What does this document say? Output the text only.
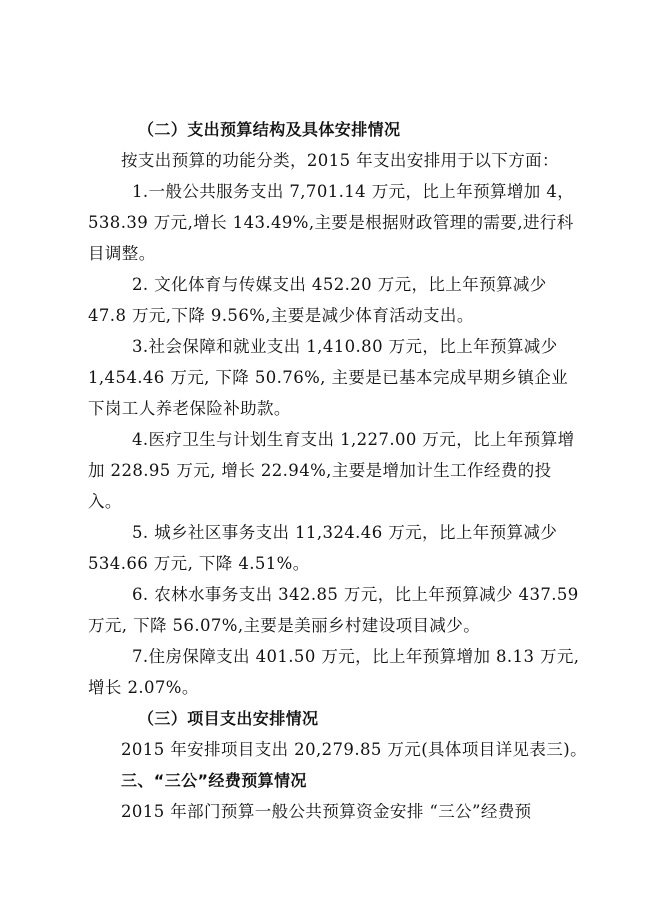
（二）支出预算结构及具体安排情况
按支出预算的功能分类，2015 年支出安排用于以下方面：
1.一般公共服务支出 7,701.14 万元，比上年预算增加 4，
538.39 万元,增长 143.49%,主要是根据财政管理的需要,进行科
目调整。
2. 文化体育与传媒支出 452.20 万元，比上年预算减少
47.8 万元,下降 9.56%,主要是减少体育活动支出。
3.社会保障和就业支出 1,410.80 万元，比上年预算减少
1,454.46 万元, 下降 50.76%, 主要是已基本完成早期乡镇企业
下岗工人养老保险补助款。
4.医疗卫生与计划生育支出 1,227.00 万元，比上年预算增
加 228.95 万元, 增长 22.94%,主要是增加计生工作经费的投
入。
5. 城乡社区事务支出 11,324.46 万元，比上年预算减少
534.66 万元, 下降 4.51%。
6. 农林水事务支出 342.85 万元，比上年预算减少 437.59
万元, 下降 56.07%,主要是美丽乡村建设项目减少。
7.住房保障支出 401.50 万元，比上年预算增加 8.13 万元,
增长 2.07%。
（三）项目支出安排情况
2015 年安排项目支出 20,279.85 万元(具体项目详见表三)。
三、“三公”经费预算情况
2015 年部门预算一般公共预算资金安排 “三公”经费预
